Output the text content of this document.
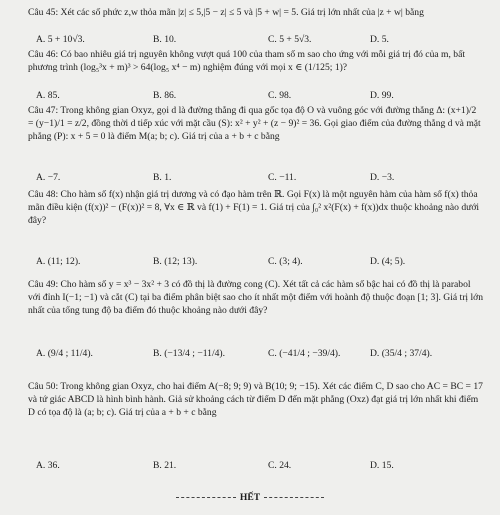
Câu 45: Xét các số phức z,w thỏa mãn |z| ≤ 5,|5 − z| ≤ 5 và |5 + w| = 5. Giá trị lớn nhất của |z + w| bằng
A. 5 + 10√3.	B. 10.	C. 5 + 5√3.	D. 5.
Câu 46: Có bao nhiêu giá trị nguyên không vượt quá 100 của tham số m sao cho ứng với mỗi giá trị đó của m, bất phương trình (log₅³x + m)³ > 64(log₅ x⁴ − m) nghiệm đúng với mọi x ∈ (1/125; 1)?
A. 85.	B. 86.	C. 98.	D. 99.
Câu 47: Trong không gian Oxyz, gọi d là đường thẳng đi qua gốc tọa độ O và vuông góc với đường thẳng Δ: (x+1)/2 = (y−1)/1 = z/2, đồng thời d tiếp xúc với mặt cầu (S): x² + y² + (z − 9)² = 36. Gọi giao điểm của đường thẳng d và mặt phẳng (P): x + 5 = 0 là điểm M(a; b; c). Giá trị của a + b + c bằng
A. −7.	B. 1.	C. −11.	D. −3.
Câu 48: Cho hàm số f(x) nhận giá trị dương và có đạo hàm trên ℝ. Gọi F(x) là một nguyên hàm của hàm số f(x) thỏa mãn điều kiện (f(x))² − (F(x))² = 8, ∀x ∈ ℝ và f(1) + F(1) = 1. Giá trị của ∫₀² x²(F(x) + f(x))dx thuộc khoảng nào dưới đây?
A. (11; 12).	B. (12; 13).	C. (3; 4).	D. (4; 5).
Câu 49: Cho hàm số y = x³ − 3x² + 3 có đồ thị là đường cong (C). Xét tất cả các hàm số bậc hai có đồ thị là parabol với đỉnh I(−1; −1) và cắt (C) tại ba điểm phân biệt sao cho ít nhất một điểm với hoành độ thuộc đoạn [1; 3]. Giá trị lớn nhất của tổng tung độ ba điểm đó thuộc khoảng nào dưới đây?
A. (9/4 ; 11/4).	B. (−13/4 ; −11/4).	C. (−41/4 ; −39/4).	D. (35/4 ; 37/4).
Câu 50: Trong không gian Oxyz, cho hai điểm A(−8; 9; 9) và B(10; 9; −15). Xét các điểm C, D sao cho AC = BC = 17 và tứ giác ABCD là hình bình hành. Giả sử khoảng cách từ điểm D đến mặt phẳng (Oxz) đạt giá trị lớn nhất khi điểm D có tọa độ là (a; b; c). Giá trị của a + b + c bằng
A. 36.	B. 21.	C. 24.	D. 15.
HẾT
